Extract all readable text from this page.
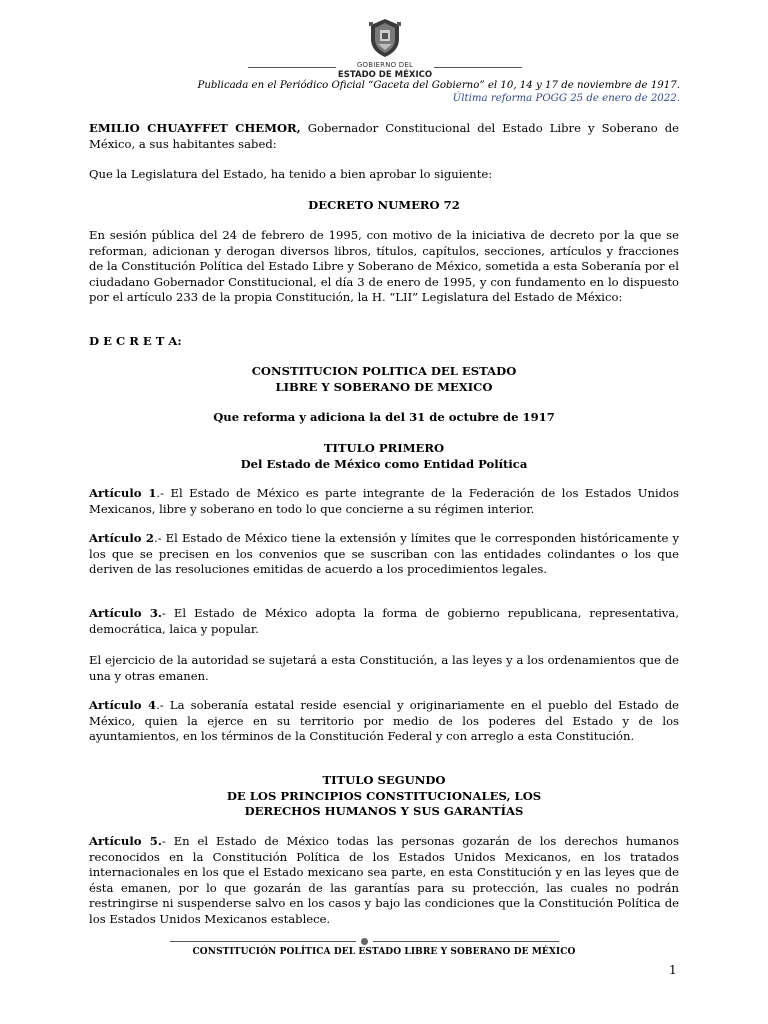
GOBIERNO DEL
ESTADO DE MÉXICO
Publicada en el Periódico Oficial “Gaceta del Gobierno” el 10, 14 y 17 de noviembre de 1917.
Última reforma POGG 25 de enero de 2022.
EMILIO CHUAYFFET CHEMOR, Gobernador Constitucional del Estado Libre y Soberano de México, a sus habitantes sabed:
Que la Legislatura del Estado, ha tenido a bien aprobar lo siguiente:
DECRETO NUMERO 72
En sesión pública del 24 de febrero de 1995, con motivo de la iniciativa de decreto por la que se reforman, adicionan y derogan diversos libros, títulos, capítulos, secciones, artículos y fracciones de la Constitución Política del Estado Libre y Soberano de México, sometida a esta Soberanía por el ciudadano Gobernador Constitucional, el día 3 de enero de 1995, y con fundamento en lo dispuesto por el artículo 233 de la propia Constitución, la H. “LII” Legislatura del Estado de México:
D E C R E T A:
CONSTITUCION POLITICA DEL ESTADO
LIBRE Y SOBERANO DE MEXICO
Que reforma y adiciona la del 31 de octubre de 1917
TITULO PRIMERO
Del Estado de México como Entidad Política
Artículo 1.- El Estado de México es parte integrante de la Federación de los Estados Unidos Mexicanos, libre y soberano en todo lo que concierne a su régimen interior.
Artículo 2.- El Estado de México tiene la extensión y límites que le corresponden históricamente y los que se precisen en los convenios que se suscriban con las entidades colindantes o los que deriven de las resoluciones emitidas de acuerdo a los procedimientos legales.
Artículo 3.- El Estado de México adopta la forma de gobierno republicana, representativa, democrática, laica y popular.
El ejercicio de la autoridad se sujetará a esta Constitución, a las leyes y a los ordenamientos que de una y otras emanen.
Artículo 4.- La soberanía estatal reside esencial y originariamente en el pueblo del Estado de México, quien la ejerce en su territorio por medio de los poderes del Estado y de los ayuntamientos, en los términos de la Constitución Federal y con arreglo a esta Constitución.
TITULO SEGUNDO
DE LOS PRINCIPIOS CONSTITUCIONALES, LOS
DERECHOS HUMANOS Y SUS GARANTÍAS
Artículo 5.- En el Estado de México todas las personas gozarán de los derechos humanos reconocidos en la Constitución Política de los Estados Unidos Mexicanos, en los tratados internacionales en los que el Estado mexicano sea parte, en esta Constitución y en las leyes que de ésta emanen, por lo que gozarán de las garantías para su protección, las cuales no podrán restringirse ni suspenderse salvo en los casos y bajo las condiciones que la Constitución Política de los Estados Unidos Mexicanos establece.
CONSTITUCIÓN POLÍTICA DEL ESTADO LIBRE Y SOBERANO DE MÉXICO
1
